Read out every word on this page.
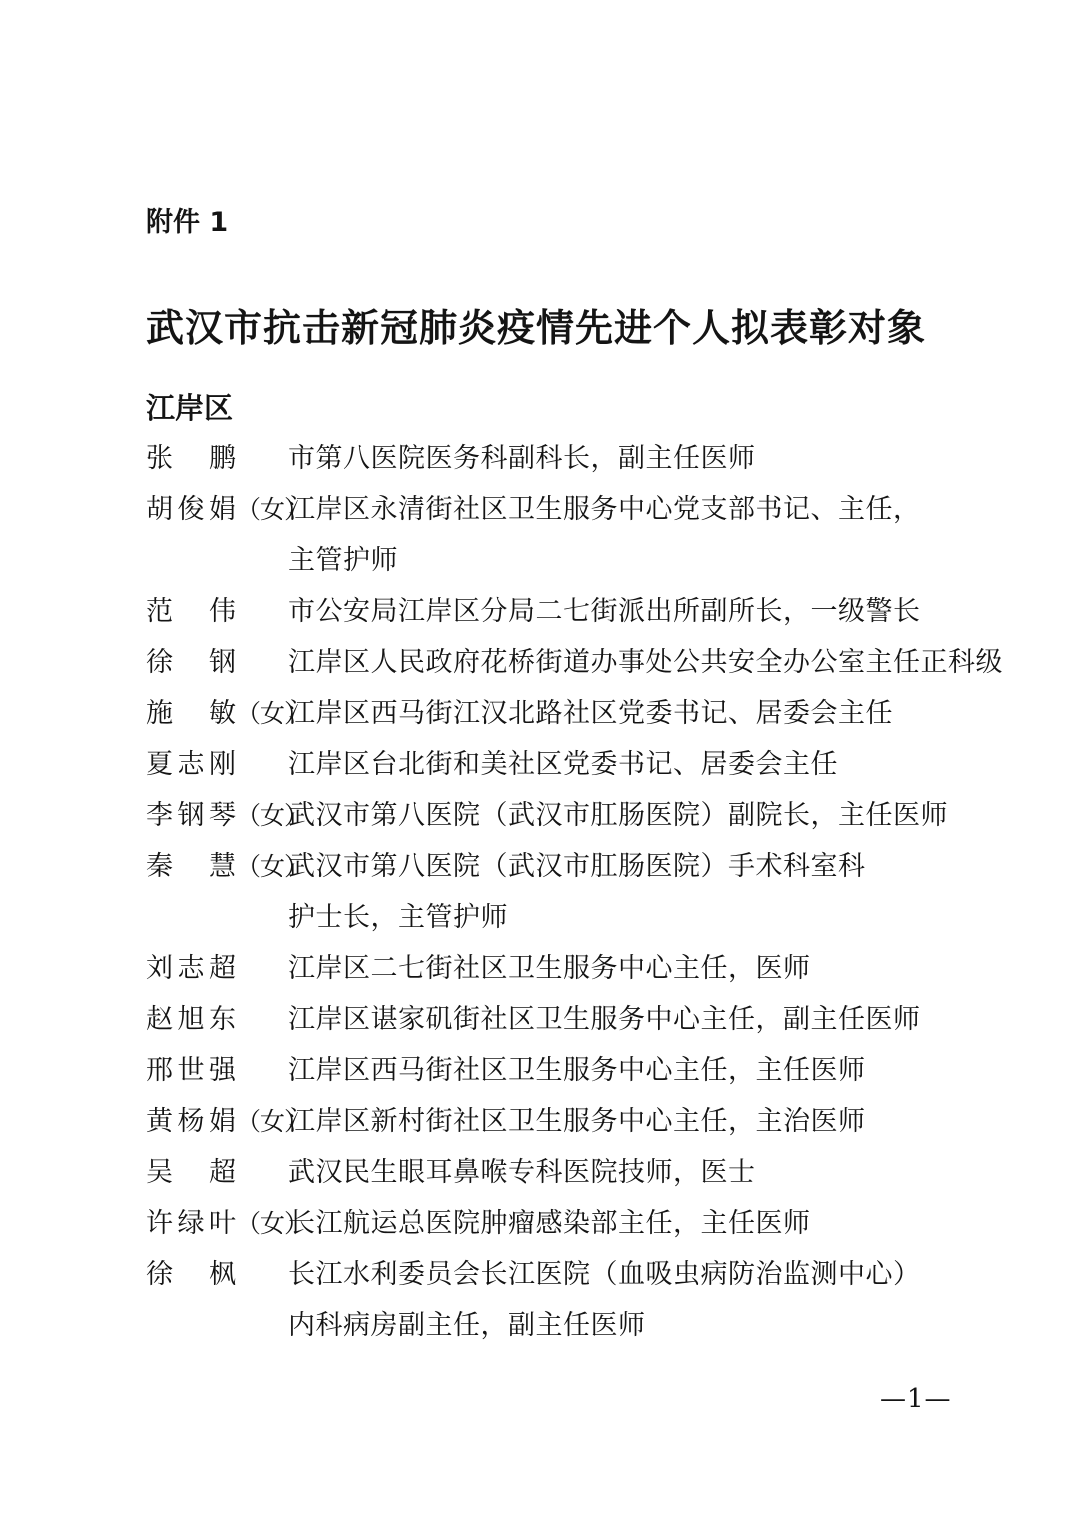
附件 1
武汉市抗击新冠肺炎疫情先进个人拟表彰对象
江岸区
张　鹏 市第八医院医务科副科长，副主任医师
胡俊娟 （女）
江岸区永清街社区卫生服务中心党支部书记、主任，
主管护师
范　伟 市公安局江岸区分局二七街派出所副所长，一级警长
徐　钢 江岸区人民政府花桥街道办事处公共安全办公室主任正科级
施　敏 （女）
江岸区西马街江汉北路社区党委书记、居委会主任
夏志刚 江岸区台北街和美社区党委书记、居委会主任
李钢琴 （女）
武汉市第八医院（武汉市肛肠医院）副院长，主任医师
秦　慧 （女）
武汉市第八医院（武汉市肛肠医院）手术科室科
护士长，主管护师
刘志超 江岸区二七街社区卫生服务中心主任，医师
赵旭东 江岸区谌家矶街社区卫生服务中心主任，副主任医师
邢世强 江岸区西马街社区卫生服务中心主任，主任医师
黄杨娟 （女）
江岸区新村街社区卫生服务中心主任，主治医师
吴　超 武汉民生眼耳鼻喉专科医院技师，医士
许绿叶 （女）
长江航运总医院肿瘤感染部主任，主任医师
徐　枫 长江水利委员会长江医院（血吸虫病防治监测中心）
内科病房副主任，副主任医师
—1—
